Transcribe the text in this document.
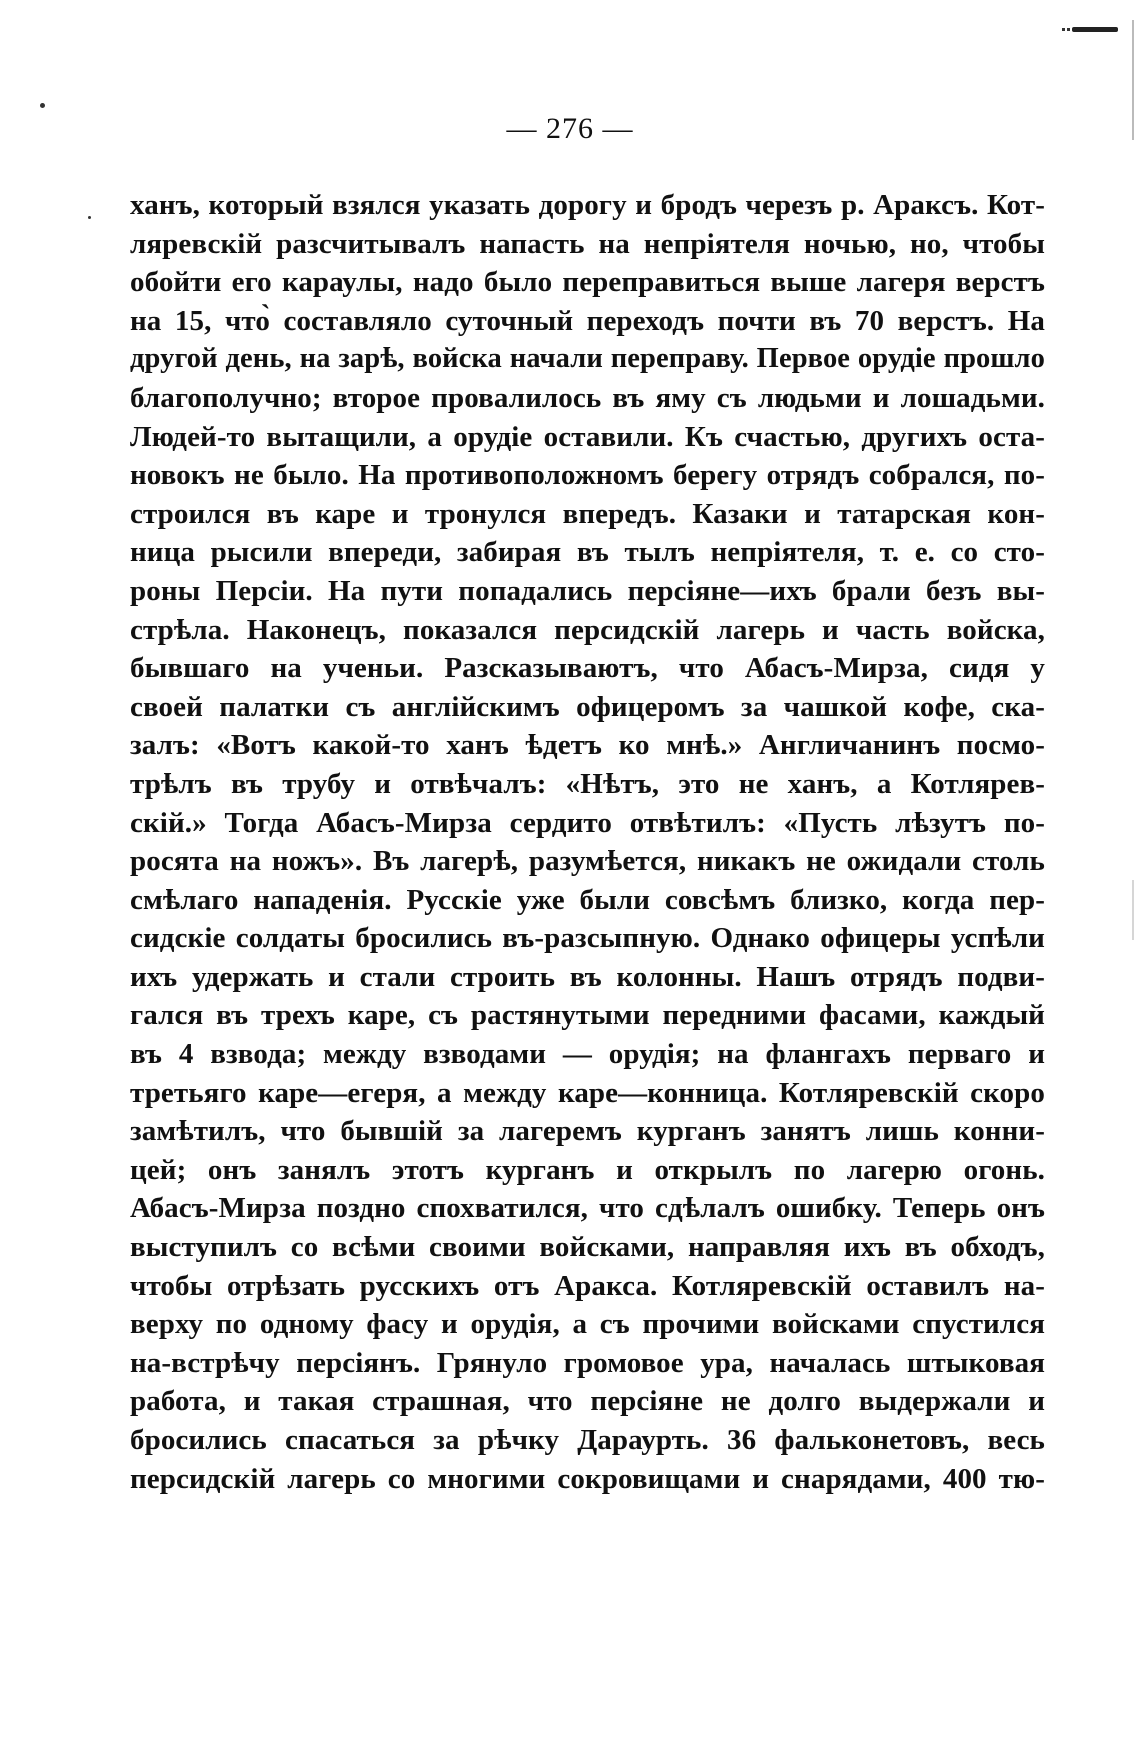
— 276 —
ханъ, который взялся указать дорогу и бродъ черезъ р. Араксъ. Кот-
ляревскій разсчитывалъ напасть на непріятеля ночью, но, чтобы
обойти его караулы, надо было переправиться выше лагеря верстъ
на 15, что̀ составляло суточный переходъ почти въ 70 верстъ. На
другой день, на зарѣ, войска начали переправу. Первое орудіе прошло
благополучно; второе провалилось въ яму съ людьми и лошадьми.
Людей-то вытащили, а орудіе оставили. Къ счастью, другихъ оста-
новокъ не было. На противоположномъ берегу отрядъ собрался, по-
строился въ каре и тронулся впередъ. Казаки и татарская кон-
ница рысили впереди, забирая въ тылъ непріятеля, т. е. со сто-
роны Персіи. На пути попадались персіяне—ихъ брали безъ вы-
стрѣла. Наконецъ, показался персидскій лагерь и часть войска,
бывшаго на ученьи. Разсказываютъ, что Абасъ-Мирза, сидя у
своей палатки съ англійскимъ офицеромъ за чашкой кофе, ска-
залъ: «Вотъ какой-то ханъ ѣдетъ ко мнѣ.» Англичанинъ посмо-
трѣлъ въ трубу и отвѣчалъ: «Нѣтъ, это не ханъ, а Котлярев-
скій.» Тогда Абасъ-Мирза сердито отвѣтилъ: «Пусть лѣзутъ по-
росята на ножъ». Въ лагерѣ, разумѣется, никакъ не ожидали столь
смѣлаго нападенія. Русскіе уже были совсѣмъ близко, когда пер-
сидскіе солдаты бросились въ-разсыпную. Однако офицеры успѣли
ихъ удержать и стали строить въ колонны. Нашъ отрядъ подви-
гался въ трехъ каре, съ растянутыми передними фасами, каждый
въ 4 взвода; между взводами — орудія; на флангахъ перваго и
третьяго каре—егеря, а между каре—конница. Котляревскій скоро
замѣтилъ, что бывшій за лагеремъ курганъ занятъ лишь конни-
цей; онъ занялъ этотъ курганъ и открылъ по лагерю огонь.
Абасъ-Мирза поздно спохватился, что сдѣлалъ ошибку. Теперь онъ
выступилъ со всѣми своими войсками, направляя ихъ въ обходъ,
чтобы отрѣзать русскихъ отъ Аракса. Котляревскій оставилъ на-
верху по одному фасу и орудія, а съ прочими войсками спустился
на-встрѣчу персіянъ. Грянуло громовое ура, началась штыковая
работа, и такая страшная, что персіяне не долго выдержали и
бросились спасаться за рѣчку Дараурть. 36 фальконетовъ, весь
персидскій лагерь со многими сокровищами и снарядами, 400 тю-
